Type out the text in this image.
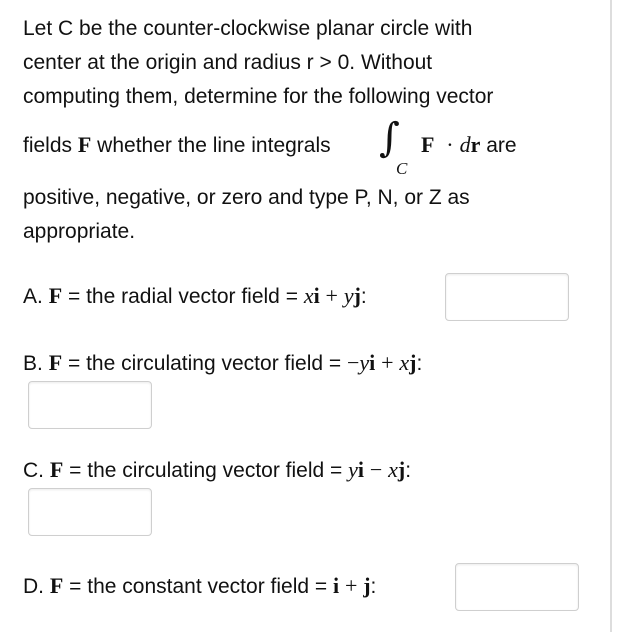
Let C be the counter-clockwise planar circle with
center at the origin and radius r > 0. Without
computing them, determine for the following vector
fields F whether the line integrals ∫
C
F · dr are
positive, negative, or zero and type P, N, or Z as
appropriate.
A. F = the radial vector field = xi + yj:
B. F = the circulating vector field = −yi + xj:
C. F = the circulating vector field = yi − xj:
D. F = the constant vector field = i + j:
